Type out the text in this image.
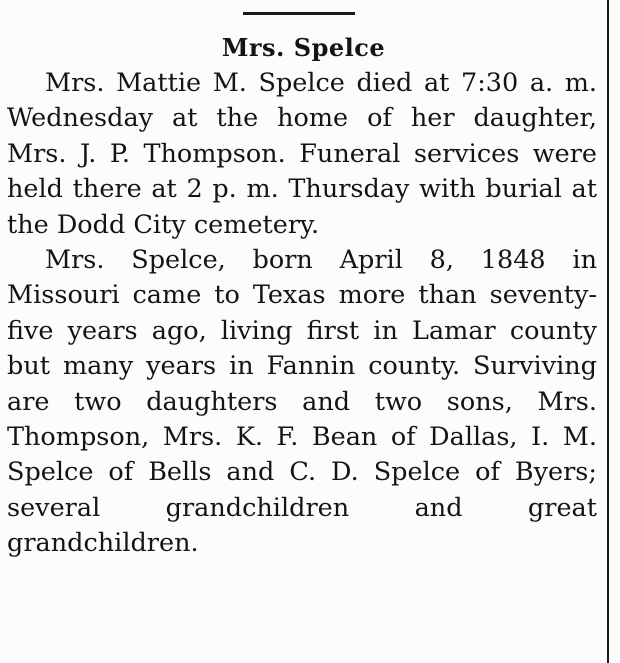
Mrs. Spelce

Mrs. Mattie M. Spelce died at 7:30 a. m. Wednesday at the home of her daughter, Mrs. J. P. Thompson. Funeral services were held there at 2 p. m. Thursday with burial at the Dodd City cemetery.

Mrs. Spelce, born April 8, 1848 in Missouri came to Texas more than seventy-five years ago, living first in Lamar county but many years in Fannin county. Surviving are two daughters and two sons, Mrs. Thompson, Mrs. K. F. Bean of Dallas, I. M. Spelce of Bells and C. D. Spelce of Byers; several grandchildren and great grandchildren.
